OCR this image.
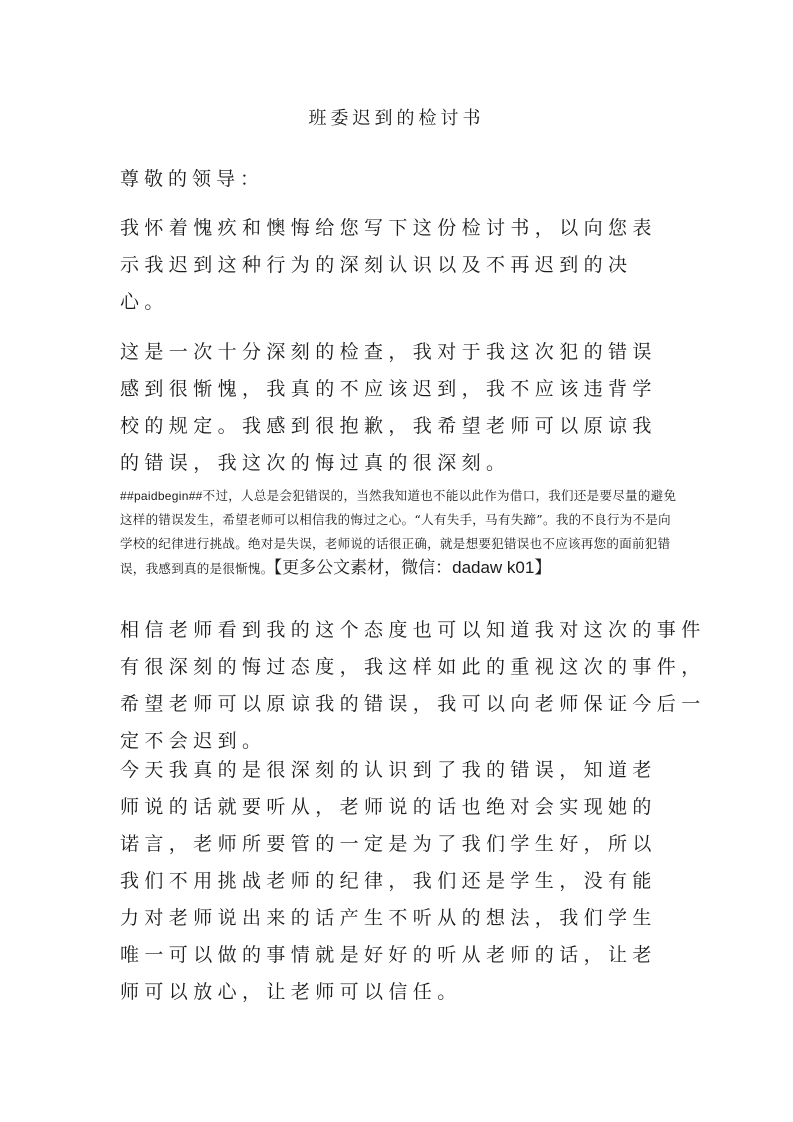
班委迟到的检讨书
尊敬的领导：
我怀着愧疚和懊悔给您写下这份检讨书，以向您表示我迟到这种行为的深刻认识以及不再迟到的决心。
这是一次十分深刻的检查，我对于我这次犯的错误感到很惭愧，我真的不应该迟到，我不应该违背学校的规定。我感到很抱歉，我希望老师可以原谅我的错误，我这次的悔过真的很深刻。
##paidbegin##不过，人总是会犯错误的，当然我知道也不能以此作为借口，我们还是要尽量的避免这样的错误发生，希望老师可以相信我的悔过之心。“人有失手，马有失蹄”。我的不良行为不是向学校的纪律进行挑战。绝对是失误，老师说的话很正确，就是想要犯错误也不应该再您的面前犯错误，我感到真的是很惭愧。【更多公文素材，微信：dadaw k01】
相信老师看到我的这个态度也可以知道我对这次的事件有很深刻的悔过态度，我这样如此的重视这次的事件，希望老师可以原谅我的错误，我可以向老师保证今后一定不会迟到。
今天我真的是很深刻的认识到了我的错误，知道老师说的话就要听从，老师说的话也绝对会实现她的诺言，老师所要管的一定是为了我们学生好，所以我们不用挑战老师的纪律，我们还是学生，没有能力对老师说出来的话产生不听从的想法，我们学生唯一可以做的事情就是好好的听从老师的话，让老师可以放心，让老师可以信任。
